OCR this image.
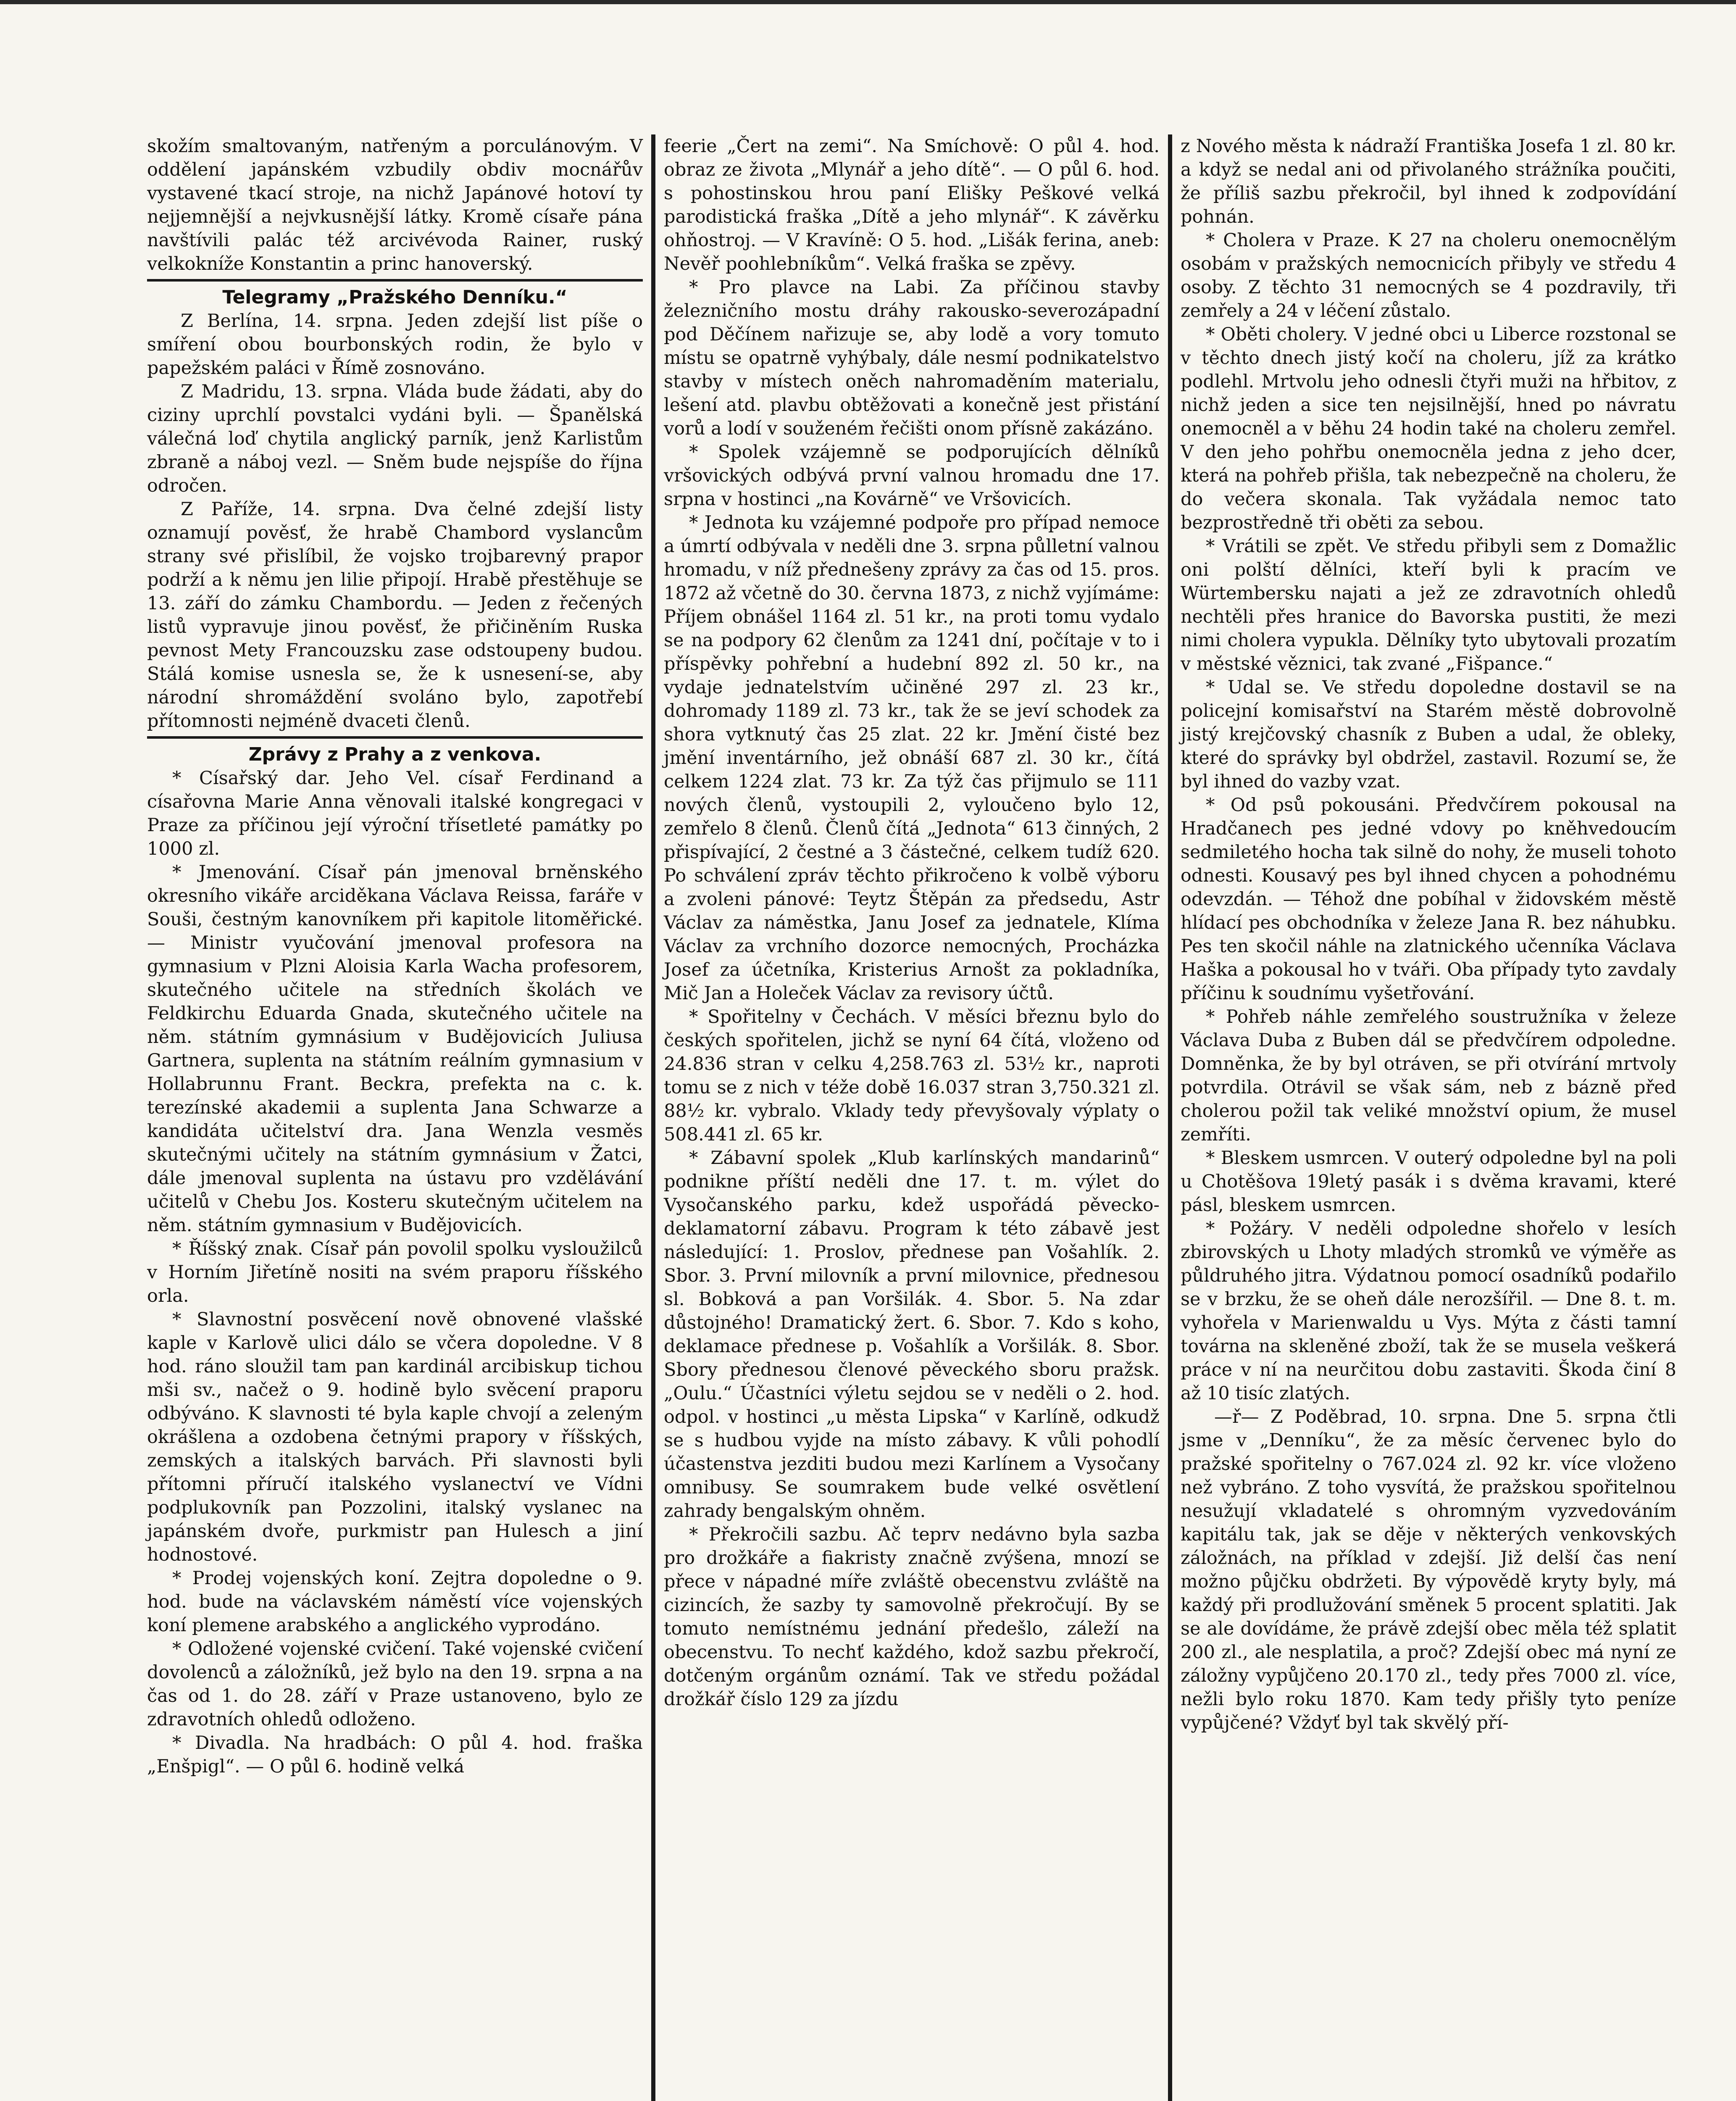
skožím smaltovaným, natřeným a porculánovým. V oddělení japánském vzbudily obdiv mocnářův vystavené tkací stroje, na nichž Japánové hotoví ty nejjemnější a nejvkusnější látky. Kromě císaře pána navštívili palác též arcivévoda Rainer, ruský velkokníže Konstantin a princ hanoverský.

Telegramy „Pražského Denníku.“

Z Berlína, 14. srpna. Jeden zdejší list píše o smíření obou bourbonských rodin, že bylo v papežském paláci v Římě zosnováno.

Z Madridu, 13. srpna. Vláda bude žádati, aby do ciziny uprchlí povstalci vydáni byli. — Španělská válečná loď chytila anglický parník, jenž Karlistům zbraně a náboj vezl. — Sněm bude nejspíše do října odročen.

Z Paříže, 14. srpna. Dva čelné zdejší listy oznamují pověsť, že hrabě Chambord vyslancům strany své přislíbil, že vojsko trojbarevný prapor podrží a k němu jen lilie připojí. Hrabě přestěhuje se 13. září do zámku Chambordu. — Jeden z řečených listů vypravuje jinou pověsť, že přičiněním Ruska pevnost Mety Francouzsku zase odstoupeny budou. Stálá komise usnesla se, že k usnesení-se, aby národní shromáždění svoláno bylo, zapotřebí přítomnosti nejméně dvaceti členů.

Zprávy z Prahy a z venkova.

* Císařský dar. Jeho Vel. císař Ferdinand a císařovna Marie Anna věnovali italské kongregaci v Praze za příčinou její výroční třísetleté památky po 1000 zl.

* Jmenování. Císař pán jmenoval brněnského okresního vikáře arciděkana Václava Reissa, faráře v Souši, čestným kanovníkem při kapitole litoměřické. — Ministr vyučování jmenoval profesora na gymnasium v Plzni Aloisia Karla Wacha profesorem, skutečného učitele na středních školách ve Feldkirchu Eduarda Gnada, skutečného učitele na něm. státním gymnásium v Budějovicích Juliusa Gartnera, suplenta na státním reálním gymnasium v Hollabrunnu Frant. Beckra, prefekta na c. k. terezínské akademii a suplenta Jana Schwarze a kandidáta učitelství dra. Jana Wenzla vesměs skutečnými učitely na státním gymnásium v Žatci, dále jmenoval suplenta na ústavu pro vzdělávání učitelů v Chebu Jos. Kosteru skutečným učitelem na něm. státním gymnasium v Budějovicích.

* Říšský znak. Císař pán povolil spolku vysloužilců v Horním Jiřetíně nositi na svém praporu říšského orla.

* Slavnostní posvěcení nově obnovené vlašské kaple v Karlově ulici dálo se včera dopoledne. V 8 hod. ráno sloužil tam pan kardinál arcibiskup tichou mši sv., načež o 9. hodině bylo svěcení praporu odbýváno. K slavnosti té byla kaple chvojí a zeleným okrášlena a ozdobena četnými prapory v říšských, zemských a italských barvách. Při slavnosti byli přítomni příručí italského vyslanectví ve Vídni podplukovník pan Pozzolini, italský vyslanec na japánském dvoře, purkmistr pan Hulesch a jiní hodnostové.

* Prodej vojenských koní. Zejtra dopoledne o 9. hod. bude na václavském náměstí více vojenských koní plemene arabského a anglického vyprodáno.

* Odložené vojenské cvičení. Také vojenské cvičení dovolenců a záložníků, jež bylo na den 19. srpna a na čas od 1. do 28. září v Praze ustanoveno, bylo ze zdravotních ohledů odloženo.

* Divadla. Na hradbách: O půl 4. hod. fraška „Enšpigl“. — O půl 6. hodině velká

feerie „Čert na zemi“. Na Smíchově: O půl 4. hod. obraz ze života „Mlynář a jeho dítě“. — O půl 6. hod. s pohostinskou hrou paní Elišky Peškové velká parodistická fraška „Dítě a jeho mlynář“. K závěrku ohňostroj. — V Kravíně: O 5. hod. „Lišák ferina, aneb: Nevěř poohlebníkům“. Velká fraška se zpěvy.

* Pro plavce na Labi. Za příčinou stavby železničního mostu dráhy rakousko-severozápadní pod Děčínem nařizuje se, aby lodě a vory tomuto místu se opatrně vyhýbaly, dále nesmí podnikatelstvo stavby v místech oněch nahromaděním materialu, lešení atd. plavbu obtěžovati a konečně jest přistání vorů a lodí v souženém řečišti onom přísně zakázáno.

* Spolek vzájemně se podporujících dělníků vršovických odbývá první valnou hromadu dne 17. srpna v hostinci „na Kovárně“ ve Vršovicích.

* Jednota ku vzájemné podpoře pro případ nemoce a úmrtí odbývala v neděli dne 3. srpna půlletní valnou hromadu, v níž přednešeny zprávy za čas od 15. pros. 1872 až včetně do 30. června 1873, z nichž vyjímáme: Příjem obnášel 1164 zl. 51 kr., na proti tomu vydalo se na podpory 62 členům za 1241 dní, počítaje v to i příspěvky pohřební a hudební 892 zl. 50 kr., na vydaje jednatelstvím učiněné 297 zl. 23 kr., dohromady 1189 zl. 73 kr., tak že se jeví schodek za shora vytknutý čas 25 zlat. 22 kr. Jmění čisté bez jmění inventárního, jež obnáší 687 zl. 30 kr., čítá celkem 1224 zlat. 73 kr. Za týž čas přijmulo se 111 nových členů, vystoupili 2, vyloučeno bylo 12, zemřelo 8 členů. Členů čítá „Jednota“ 613 činných, 2 přispívající, 2 čestné a 3 částečné, celkem tudíž 620. Po schválení zpráv těchto přikročeno k volbě výboru a zvoleni pánové: Teytz Štěpán za předsedu, Astr Václav za náměstka, Janu Josef za jednatele, Klíma Václav za vrchního dozorce nemocných, Procházka Josef za účetníka, Kristerius Arnošt za pokladníka, Mič Jan a Holeček Václav za revisory účtů.

* Spořitelny v Čechách. V měsíci březnu bylo do českých spořitelen, jichž se nyní 64 čítá, vloženo od 24.836 stran v celku 4,258.763 zl. 53½ kr., naproti tomu se z nich v téže době 16.037 stran 3,750.321 zl. 88½ kr. vybralo. Vklady tedy převyšovaly výplaty o 508.441 zl. 65 kr.

* Zábavní spolek „Klub karlínských mandarinů“ podnikne příští neděli dne 17. t. m. výlet do Vysočanského parku, kdež uspořádá pěvecko-deklamatorní zábavu. Program k této zábavě jest následující: 1. Proslov, přednese pan Vošahlík. 2. Sbor. 3. První milovník a první milovnice, přednesou sl. Bobková a pan Voršilák. 4. Sbor. 5. Na zdar důstojného! Dramatický žert. 6. Sbor. 7. Kdo s koho, deklamace přednese p. Vošahlík a Voršilák. 8. Sbor. Sbory přednesou členové pěveckého sboru pražsk. „Oulu.“ Účastníci výletu sejdou se v neděli o 2. hod. odpol. v hostinci „u města Lipska“ v Karlíně, odkudž se s hudbou vyjde na místo zábavy. K vůli pohodlí účastenstva jezditi budou mezi Karlínem a Vysočany omnibusy. Se soumrakem bude velké osvětlení zahrady bengalským ohněm.

* Překročili sazbu. Ač teprv nedávno byla sazba pro drožkáře a fiakristy značně zvýšena, mnozí se přece v nápadné míře zvláště obecenstvu zvláště na cizincích, že sazby ty samovolně překročují. By se tomuto nemístnému jednání předešlo, záleží na obecenstvu. To nechť každého, kdož sazbu překročí, dotčeným orgánům oznámí. Tak ve středu požádal drožkář číslo 129 za jízdu

z Nového města k nádraží Františka Josefa 1 zl. 80 kr. a když se nedal ani od přivolaného strážníka poučiti, že příliš sazbu překročil, byl ihned k zodpovídání pohnán.

* Cholera v Praze. K 27 na choleru onemocnělým osobám v pražských nemocnicích přibyly ve středu 4 osoby. Z těchto 31 nemocných se 4 pozdravily, tři zemřely a 24 v léčení zůstalo.

* Oběti cholery. V jedné obci u Liberce rozstonal se v těchto dnech jistý kočí na choleru, jíž za krátko podlehl. Mrtvolu jeho odnesli čtyři muži na hřbitov, z nichž jeden a sice ten nejsilnější, hned po návratu onemocněl a v běhu 24 hodin také na choleru zemřel. V den jeho pohřbu onemocněla jedna z jeho dcer, která na pohřeb přišla, tak nebezpečně na choleru, že do večera skonala. Tak vyžádala nemoc tato bezprostředně tři oběti za sebou.

* Vrátili se zpět. Ve středu přibyli sem z Domažlic oni polští dělníci, kteří byli k pracím ve Würtembersku najati a jež ze zdravotních ohledů nechtěli přes hranice do Bavorska pustiti, že mezi nimi cholera vypukla. Dělníky tyto ubytovali prozatím v městské věznici, tak zvané „Fišpance.“

* Udal se. Ve středu dopoledne dostavil se na policejní komisařství na Starém městě dobrovolně jistý krejčovský chasník z Buben a udal, že obleky, které do správky byl obdržel, zastavil. Rozumí se, že byl ihned do vazby vzat.

* Od psů pokousáni. Předvčírem pokousal na Hradčanech pes jedné vdovy po kněhvedoucím sedmiletého hocha tak silně do nohy, že museli tohoto odnesti. Kousavý pes byl ihned chycen a pohodnému odevzdán. — Téhož dne pobíhal v židovském městě hlídací pes obchodníka v železe Jana R. bez náhubku. Pes ten skočil náhle na zlatnického učenníka Václava Haška a pokousal ho v tváři. Oba případy tyto zavdaly příčinu k soudnímu vyšetřování.

* Pohřeb náhle zemřelého soustružníka v železe Václava Duba z Buben dál se předvčírem odpoledne. Domněnka, že by byl otráven, se při otvírání mrtvoly potvrdila. Otrávil se však sám, neb z bázně před cholerou požil tak veliké množství opium, že musel zemříti.

* Bleskem usmrcen. V outerý odpoledne byl na poli u Chotěšova 19letý pasák i s dvěma kravami, které pásl, bleskem usmrcen.

* Požáry. V neděli odpoledne shořelo v lesích zbirovských u Lhoty mladých stromků ve výměře as půldruhého jitra. Výdatnou pomocí osadníků podařilo se v brzku, že se oheň dále nerozšířil. — Dne 8. t. m. vyhořela v Marienwaldu u Vys. Mýta z části tamní továrna na skleněné zboží, tak že se musela veškerá práce v ní na neurčitou dobu zastaviti. Škoda činí 8 až 10 tisíc zlatých.

—ř— Z Poděbrad, 10. srpna. Dne 5. srpna čtli jsme v „Denníku“, že za měsíc červenec bylo do pražské spořitelny o 767.024 zl. 92 kr. více vloženo než vybráno. Z toho vysvítá, že pražskou spořitelnou nesužují vkladatelé s ohromným vyzvedováním kapitálu tak, jak se děje v některých venkovských záložnách, na příklad v zdejší. Již delší čas není možno půjčku obdržeti. By výpovědě kryty byly, má každý při prodlužování směnek 5 procent splatiti. Jak se ale dovídáme, že právě zdejší obec měla též splatit 200 zl., ale nesplatila, a proč? Zdejší obec má nyní ze záložny vypůjčeno 20.170 zl., tedy přes 7000 zl. více, nežli bylo roku 1870. Kam tedy přišly tyto peníze vypůjčené? Vždyť byl tak skvělý pří-
